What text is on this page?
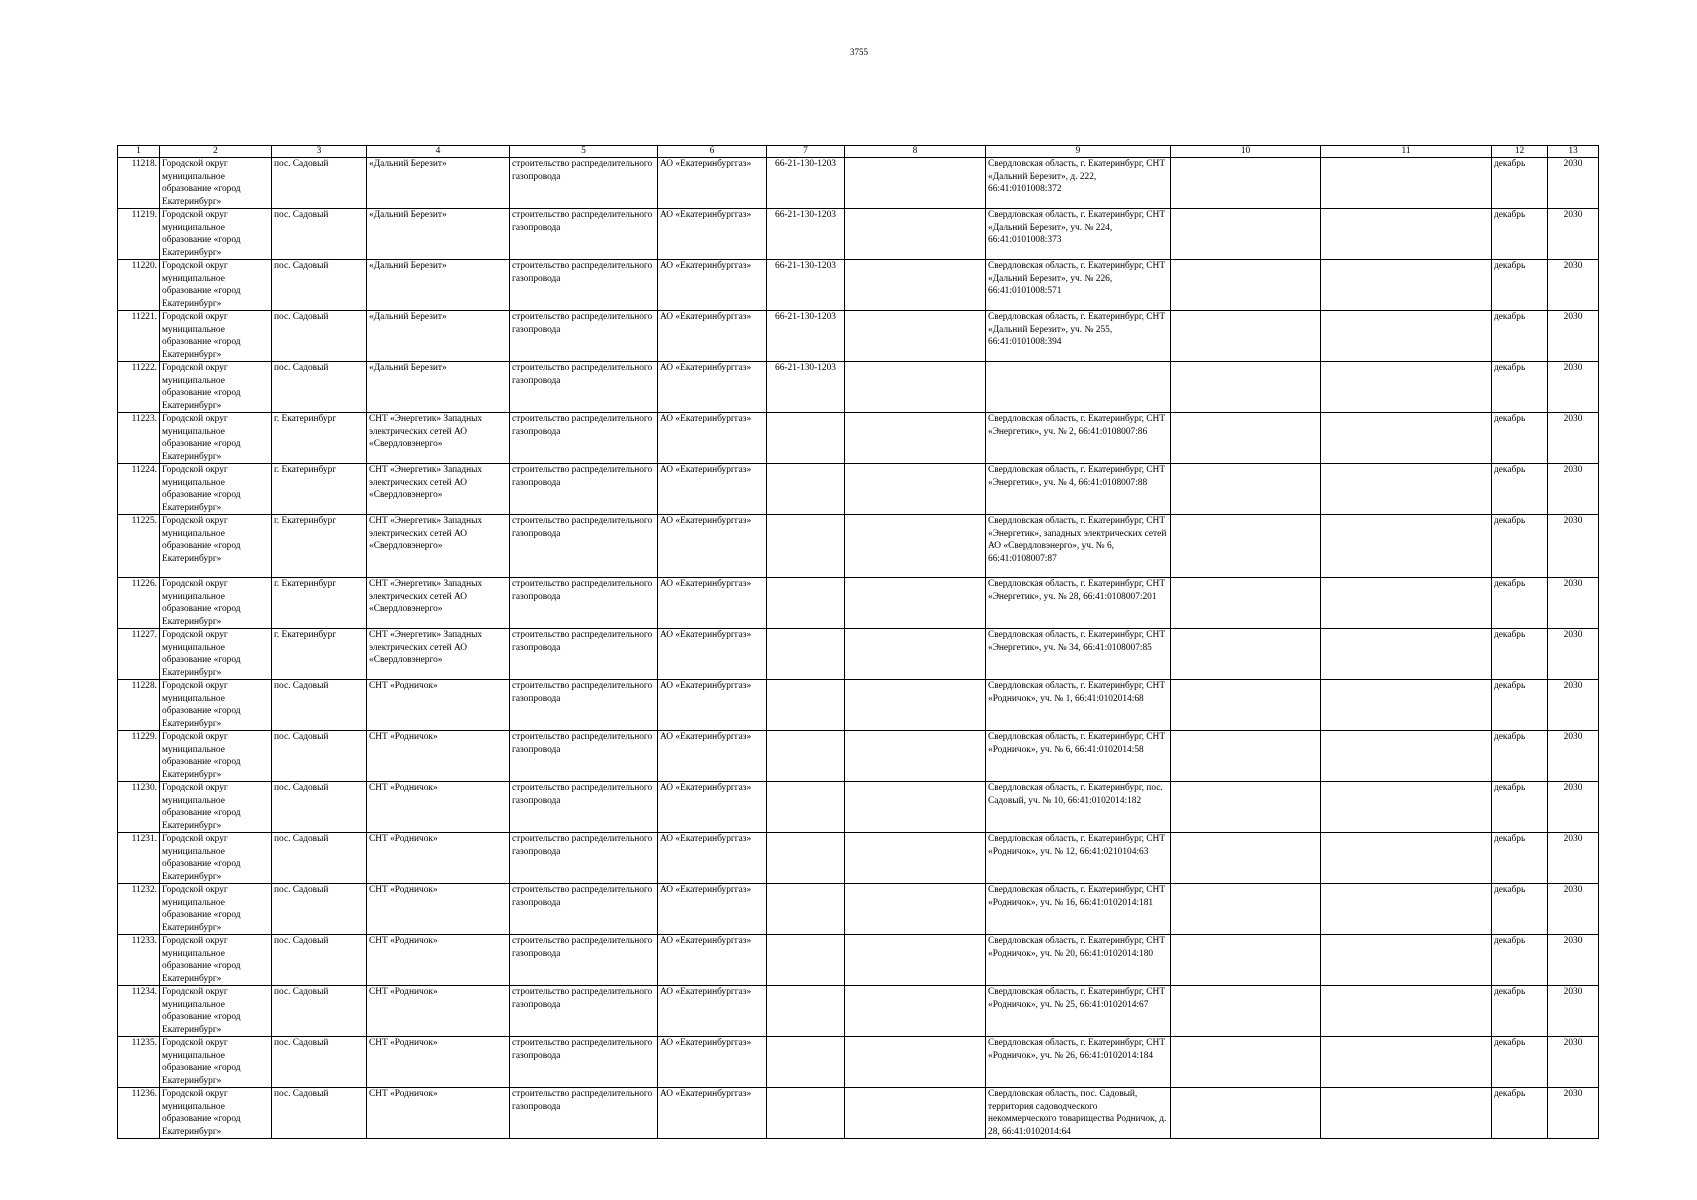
3755
1	2	3	4	5	6	7	8	9	10	11	12	13
11218.	Городской округ муниципальное образование «город Екатеринбург»	пос. Садовый	«Дальний Березит»	строительство распределительного газопровода	АО «Екатеринбурггаз»	66-21-130-1203		Свердловская область, г. Екатеринбург, СНТ «Дальний Березит», д. 222, 66:41:0101008:372			декабрь	2030
11219.	Городской округ муниципальное образование «город Екатеринбург»	пос. Садовый	«Дальний Березит»	строительство распределительного газопровода	АО «Екатеринбурггаз»	66-21-130-1203		Свердловская область, г. Екатеринбург, СНТ «Дальний Березит», уч. № 224, 66:41:0101008:373			декабрь	2030
11220.	Городской округ муниципальное образование «город Екатеринбург»	пос. Садовый	«Дальний Березит»	строительство распределительного газопровода	АО «Екатеринбурггаз»	66-21-130-1203		Свердловская область, г. Екатеринбург, СНТ «Дальний Березит», уч. № 226, 66:41:0101008:571			декабрь	2030
11221.	Городской округ муниципальное образование «город Екатеринбург»	пос. Садовый	«Дальний Березит»	строительство распределительного газопровода	АО «Екатеринбурггаз»	66-21-130-1203		Свердловская область, г. Екатеринбург, СНТ «Дальний Березит», уч. № 255, 66:41:0101008:394			декабрь	2030
11222.	Городской округ муниципальное образование «город Екатеринбург»	пос. Садовый	«Дальний Березит»	строительство распределительного газопровода	АО «Екатеринбурггаз»	66-21-130-1203					декабрь	2030
11223.	Городской округ муниципальное образование «город Екатеринбург»	г. Екатеринбург	СНТ «Энергетик» Западных электрических сетей АО «Свердловэнерго»	строительство распределительного газопровода	АО «Екатеринбурггаз»			Свердловская область, г. Екатеринбург, СНТ «Энергетик», уч. № 2, 66:41:0108007:86			декабрь	2030
11224.	Городской округ муниципальное образование «город Екатеринбург»	г. Екатеринбург	СНТ «Энергетик» Западных электрических сетей АО «Свердловэнерго»	строительство распределительного газопровода	АО «Екатеринбурггаз»			Свердловская область, г. Екатеринбург, СНТ «Энергетик», уч. № 4, 66:41:0108007:88			декабрь	2030
11225.	Городской округ муниципальное образование «город Екатеринбург»	г. Екатеринбург	СНТ «Энергетик» Западных электрических сетей АО «Свердловэнерго»	строительство распределительного газопровода	АО «Екатеринбурггаз»			Свердловская область, г. Екатеринбург, СНТ «Энергетик», западных электрических сетей АО «Свердловэнерго», уч. № 6, 66:41:0108007:87			декабрь	2030
11226.	Городской округ муниципальное образование «город Екатеринбург»	г. Екатеринбург	СНТ «Энергетик» Западных электрических сетей АО «Свердловэнерго»	строительство распределительного газопровода	АО «Екатеринбурггаз»			Свердловская область, г. Екатеринбург, СНТ «Энергетик», уч. № 28, 66:41:0108007:201			декабрь	2030
11227.	Городской округ муниципальное образование «город Екатеринбург»	г. Екатеринбург	СНТ «Энергетик» Западных электрических сетей АО «Свердловэнерго»	строительство распределительного газопровода	АО «Екатеринбурггаз»			Свердловская область, г. Екатеринбург, СНТ «Энергетик», уч. № 34, 66:41:0108007:85			декабрь	2030
11228.	Городской округ муниципальное образование «город Екатеринбург»	пос. Садовый	СНТ «Родничок»	строительство распределительного газопровода	АО «Екатеринбурггаз»			Свердловская область, г. Екатеринбург, СНТ «Родничок», уч. № 1, 66:41:0102014:68			декабрь	2030
11229.	Городской округ муниципальное образование «город Екатеринбург»	пос. Садовый	СНТ «Родничок»	строительство распределительного газопровода	АО «Екатеринбурггаз»			Свердловская область, г. Екатеринбург, СНТ «Родничок», уч. № 6, 66:41:0102014:58			декабрь	2030
11230.	Городской округ муниципальное образование «город Екатеринбург»	пос. Садовый	СНТ «Родничок»	строительство распределительного газопровода	АО «Екатеринбурггаз»			Свердловская область, г. Екатеринбург, пос. Садовый, уч. № 10, 66:41:0102014:182			декабрь	2030
11231.	Городской округ муниципальное образование «город Екатеринбург»	пос. Садовый	СНТ «Родничок»	строительство распределительного газопровода	АО «Екатеринбурггаз»			Свердловская область, г. Екатеринбург, СНТ «Родничок», уч. № 12, 66:41:0210104:63			декабрь	2030
11232.	Городской округ муниципальное образование «город Екатеринбург»	пос. Садовый	СНТ «Родничок»	строительство распределительного газопровода	АО «Екатеринбурггаз»			Свердловская область, г. Екатеринбург, СНТ «Родничок», уч. № 16, 66:41:0102014:181			декабрь	2030
11233.	Городской округ муниципальное образование «город Екатеринбург»	пос. Садовый	СНТ «Родничок»	строительство распределительного газопровода	АО «Екатеринбурггаз»			Свердловская область, г. Екатеринбург, СНТ «Родничок», уч. № 20, 66:41:0102014:180			декабрь	2030
11234.	Городской округ муниципальное образование «город Екатеринбург»	пос. Садовый	СНТ «Родничок»	строительство распределительного газопровода	АО «Екатеринбурггаз»			Свердловская область, г. Екатеринбург, СНТ «Родничок», уч. № 25, 66:41:0102014:67			декабрь	2030
11235.	Городской округ муниципальное образование «город Екатеринбург»	пос. Садовый	СНТ «Родничок»	строительство распределительного газопровода	АО «Екатеринбурггаз»			Свердловская область, г. Екатеринбург, СНТ «Родничок», уч. № 26, 66:41:0102014:184			декабрь	2030
11236.	Городской округ муниципальное образование «город Екатеринбург»	пос. Садовый	СНТ «Родничок»	строительство распределительного газопровода	АО «Екатеринбурггаз»			Свердловская область, пос. Садовый, территория садоводческого некоммерческого товарищества Родничок, д. 28, 66:41:0102014:64			декабрь	2030
